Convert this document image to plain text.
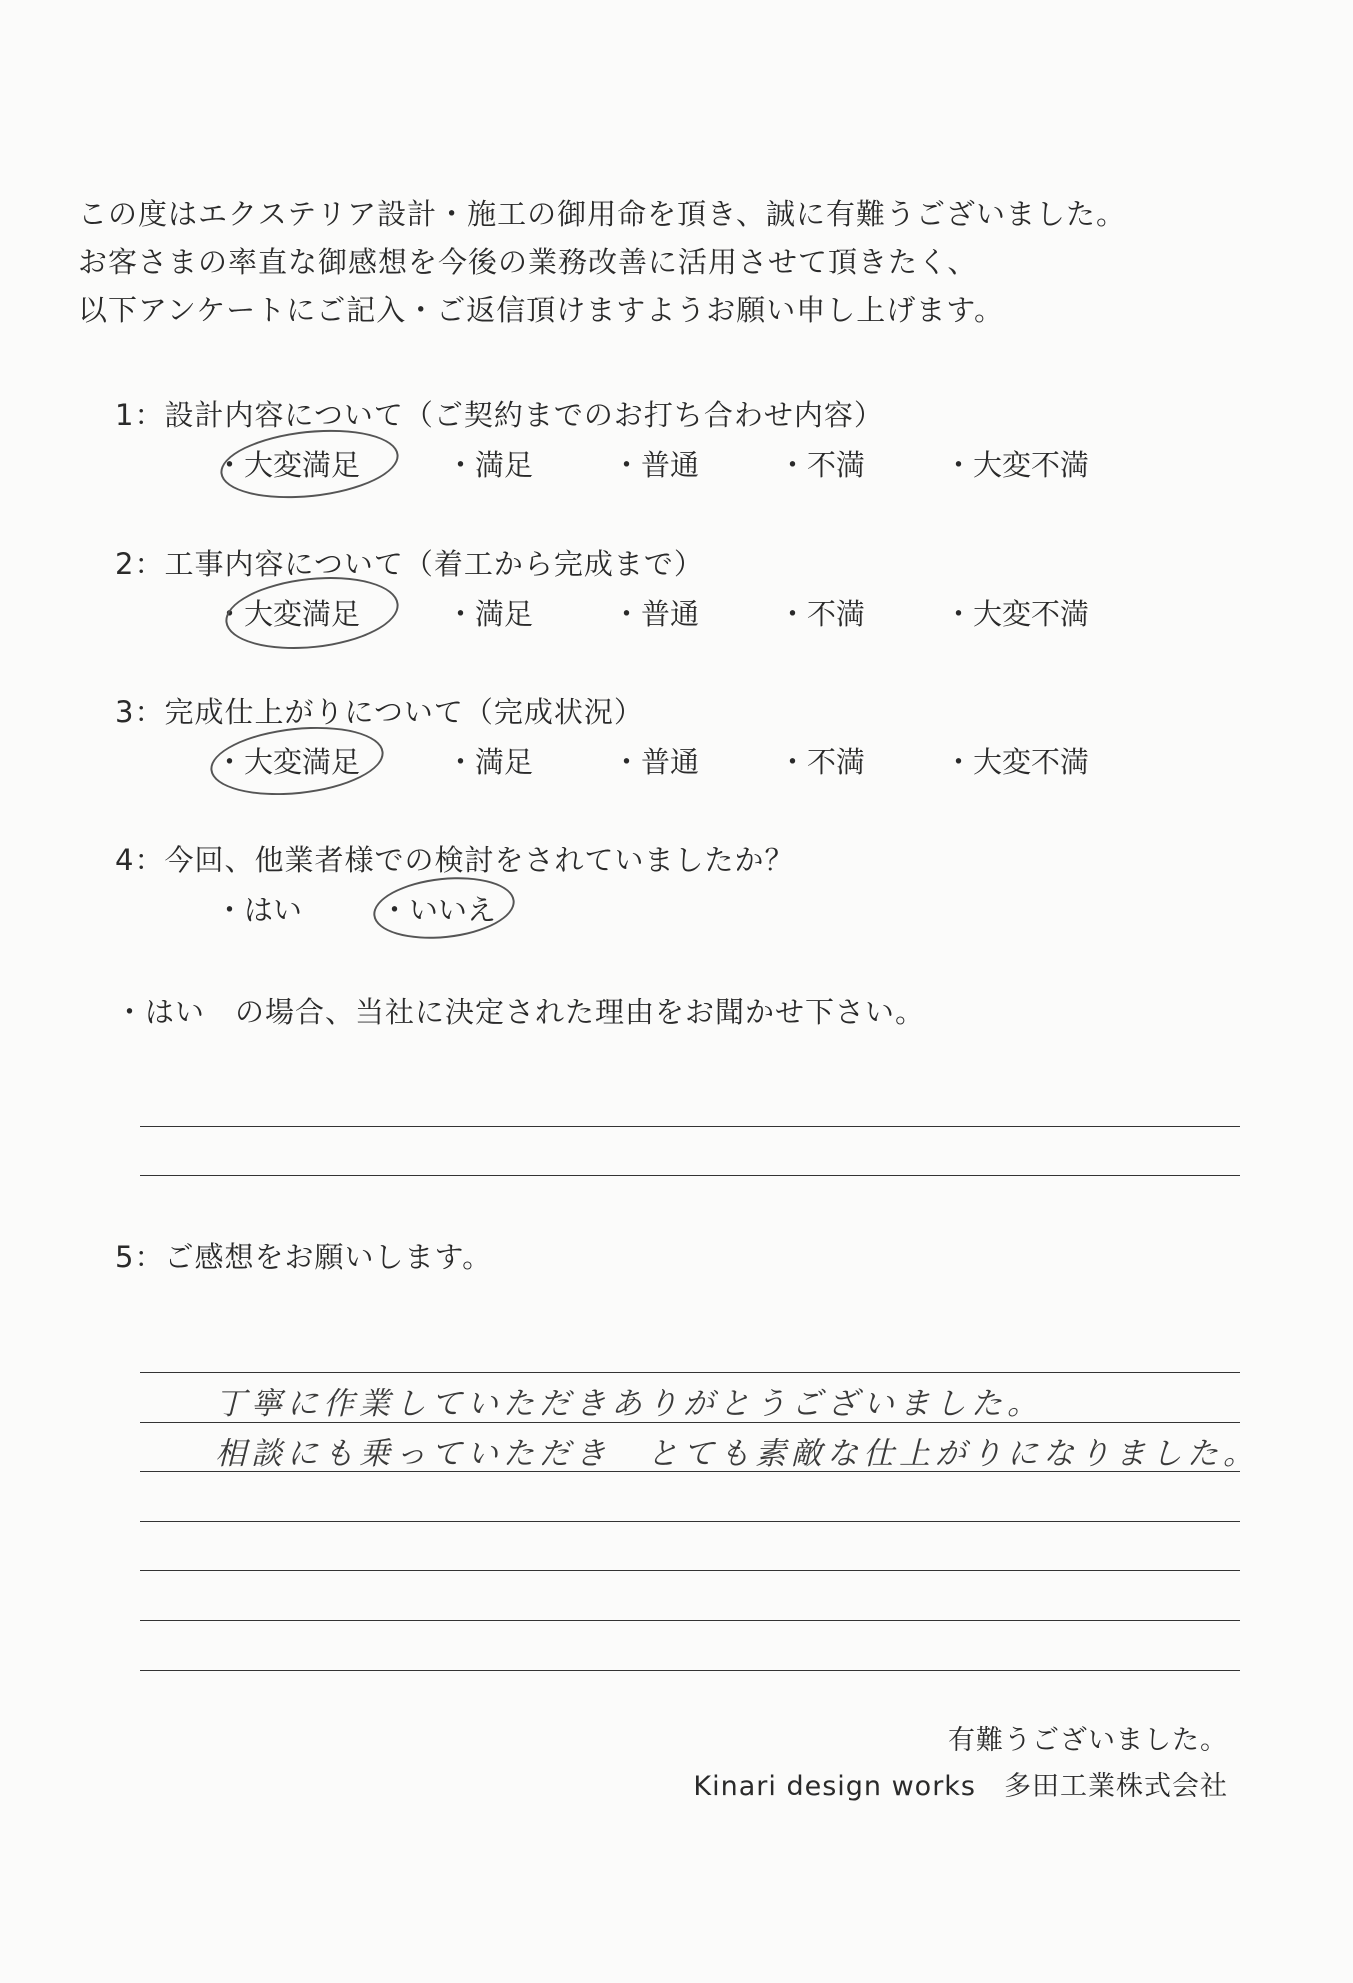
この度はエクステリア設計・施工の御用命を頂き、誠に有難うございました。
お客さまの率直な御感想を今後の業務改善に活用させて頂きたく、
以下アンケートにご記入・ご返信頂けますようお願い申し上げます。
1：設計内容について（ご契約までのお打ち合わせ内容）
・大変満足	・満足	・普通	・不満	・大変不満
2：工事内容について（着工から完成まで）
・大変満足	・満足	・普通	・不満	・大変不満
3：完成仕上がりについて（完成状況）
・大変満足	・満足	・普通	・不満	・大変不満
4：今回、他業者様での検討をされていましたか？
・はい	・いいえ
・はい　の場合、当社に決定された理由をお聞かせ下さい。
5：ご感想をお願いします。
丁寧に作業していただきありがとうございました。
相談にも乗っていただき　とても素敵な仕上がりになりました。
有難うございました。
Kinari design works　多田工業株式会社
